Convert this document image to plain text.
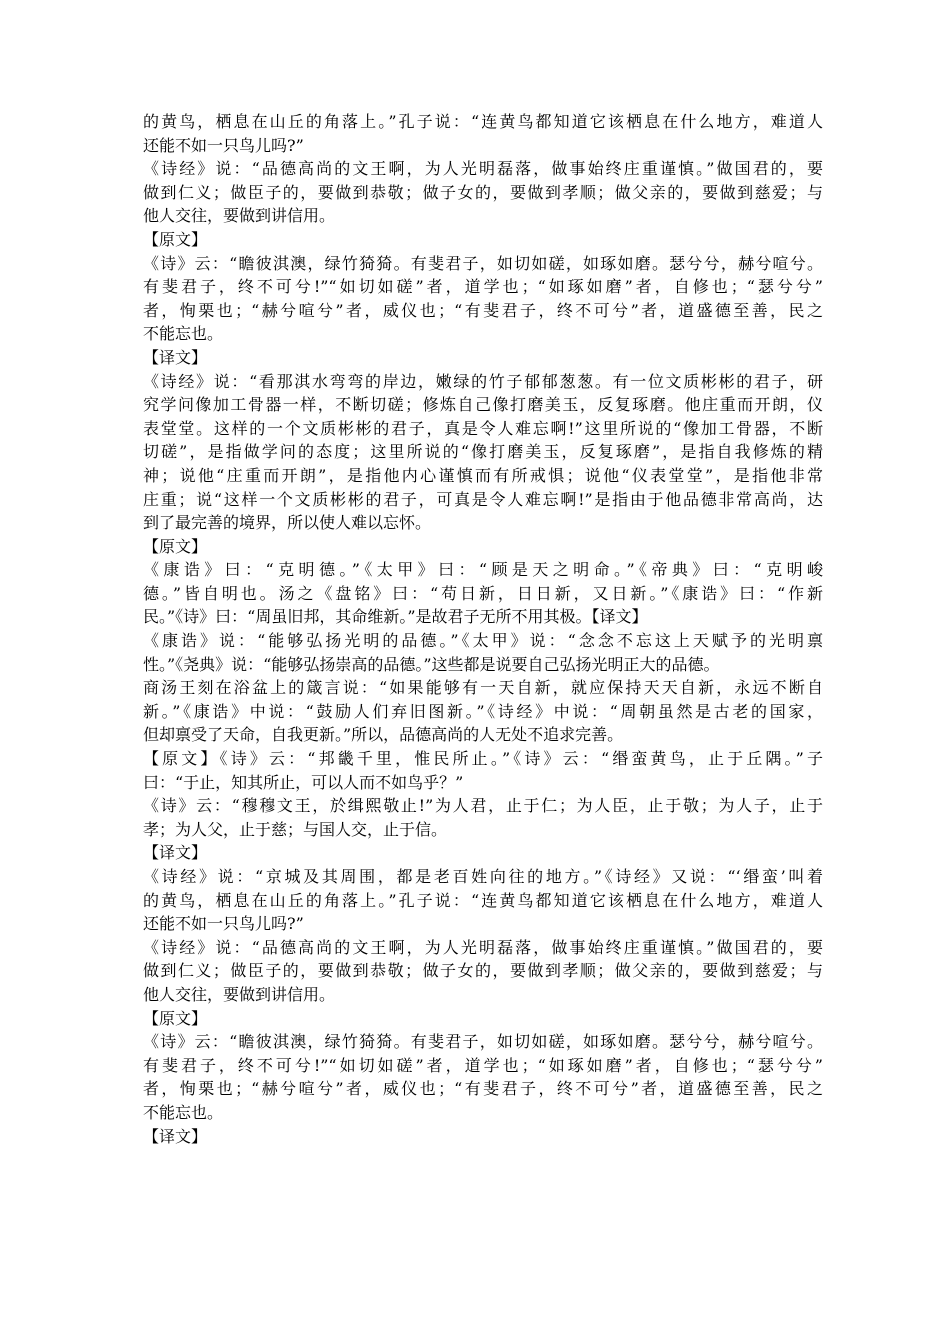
的黄鸟，栖息在山丘的角落上。”孔子说：“连黄鸟都知道它该栖息在什么地方，难道人
还能不如一只鸟儿吗?”
《诗经》说：“品德高尚的文王啊，为人光明磊落，做事始终庄重谨慎。”做国君的，要
做到仁义；做臣子的，要做到恭敬；做子女的，要做到孝顺；做父亲的，要做到慈爱；与
他人交往，要做到讲信用。
【原文】
《诗》云：“瞻彼淇澳，绿竹猗猗。有斐君子，如切如磋，如琢如磨。瑟兮兮，赫兮喧兮。
有斐君子，终不可兮!”“如切如磋”者，道学也；“如琢如磨”者，自修也；“瑟兮兮”
者，恂栗也；“赫兮喧兮”者，威仪也；“有斐君子，终不可兮”者，道盛德至善，民之
不能忘也。
【译文】
《诗经》说：“看那淇水弯弯的岸边，嫩绿的竹子郁郁葱葱。有一位文质彬彬的君子，研
究学问像加工骨器一样，不断切磋；修炼自己像打磨美玉，反复琢磨。他庄重而开朗，仪
表堂堂。这样的一个文质彬彬的君子，真是令人难忘啊!”这里所说的“像加工骨器，不断
切磋”，是指做学问的态度；这里所说的“像打磨美玉，反复琢磨”，是指自我修炼的精
神；说他“庄重而开朗”，是指他内心谨慎而有所戒惧；说他“仪表堂堂”，是指他非常
庄重；说“这样一个文质彬彬的君子，可真是令人难忘啊!”是指由于他品德非常高尚，达
到了最完善的境界，所以使人难以忘怀。
【原文】
《康诰》曰：“克明德。”《太甲》曰：“顾是天之明命。”《帝典》曰：“克明峻
德。”皆自明也。汤之《盘铭》曰：“苟日新，日日新，又日新。”《康诰》曰：“作新
民。”《诗》曰：“周虽旧邦，其命维新。”是故君子无所不用其极。【译文】
《康诰》说：“能够弘扬光明的品德。”《太甲》说：“念念不忘这上天赋予的光明禀
性。”《尧典》说：“能够弘扬崇高的品德。”这些都是说要自己弘扬光明正大的品德。
商汤王刻在浴盆上的箴言说：“如果能够有一天自新，就应保持天天自新，永远不断自
新。”《康诰》中说：“鼓励人们弃旧图新。”《诗经》中说：“周朝虽然是古老的国家，
但却禀受了天命，自我更新。”所以，品德高尚的人无处不追求完善。
【原文】《诗》云：“邦畿千里，惟民所止。”《诗》云：“缗蛮黄鸟，止于丘隅。”子
曰：“于止，知其所止，可以人而不如鸟乎？”
《诗》云：“穆穆文王，於缉熙敬止!”为人君，止于仁；为人臣，止于敬；为人子，止于
孝；为人父，止于慈；与国人交，止于信。
【译文】
《诗经》说：“京城及其周围，都是老百姓向往的地方。”《诗经》又说：“‘缗蛮’叫着
的黄鸟，栖息在山丘的角落上。”孔子说：“连黄鸟都知道它该栖息在什么地方，难道人
还能不如一只鸟儿吗?”
《诗经》说：“品德高尚的文王啊，为人光明磊落，做事始终庄重谨慎。”做国君的，要
做到仁义；做臣子的，要做到恭敬；做子女的，要做到孝顺；做父亲的，要做到慈爱；与
他人交往，要做到讲信用。
【原文】
《诗》云：“瞻彼淇澳，绿竹猗猗。有斐君子，如切如磋，如琢如磨。瑟兮兮，赫兮喧兮。
有斐君子，终不可兮!”“如切如磋”者，道学也；“如琢如磨”者，自修也；“瑟兮兮”
者，恂栗也；“赫兮喧兮”者，威仪也；“有斐君子，终不可兮”者，道盛德至善，民之
不能忘也。
【译文】
